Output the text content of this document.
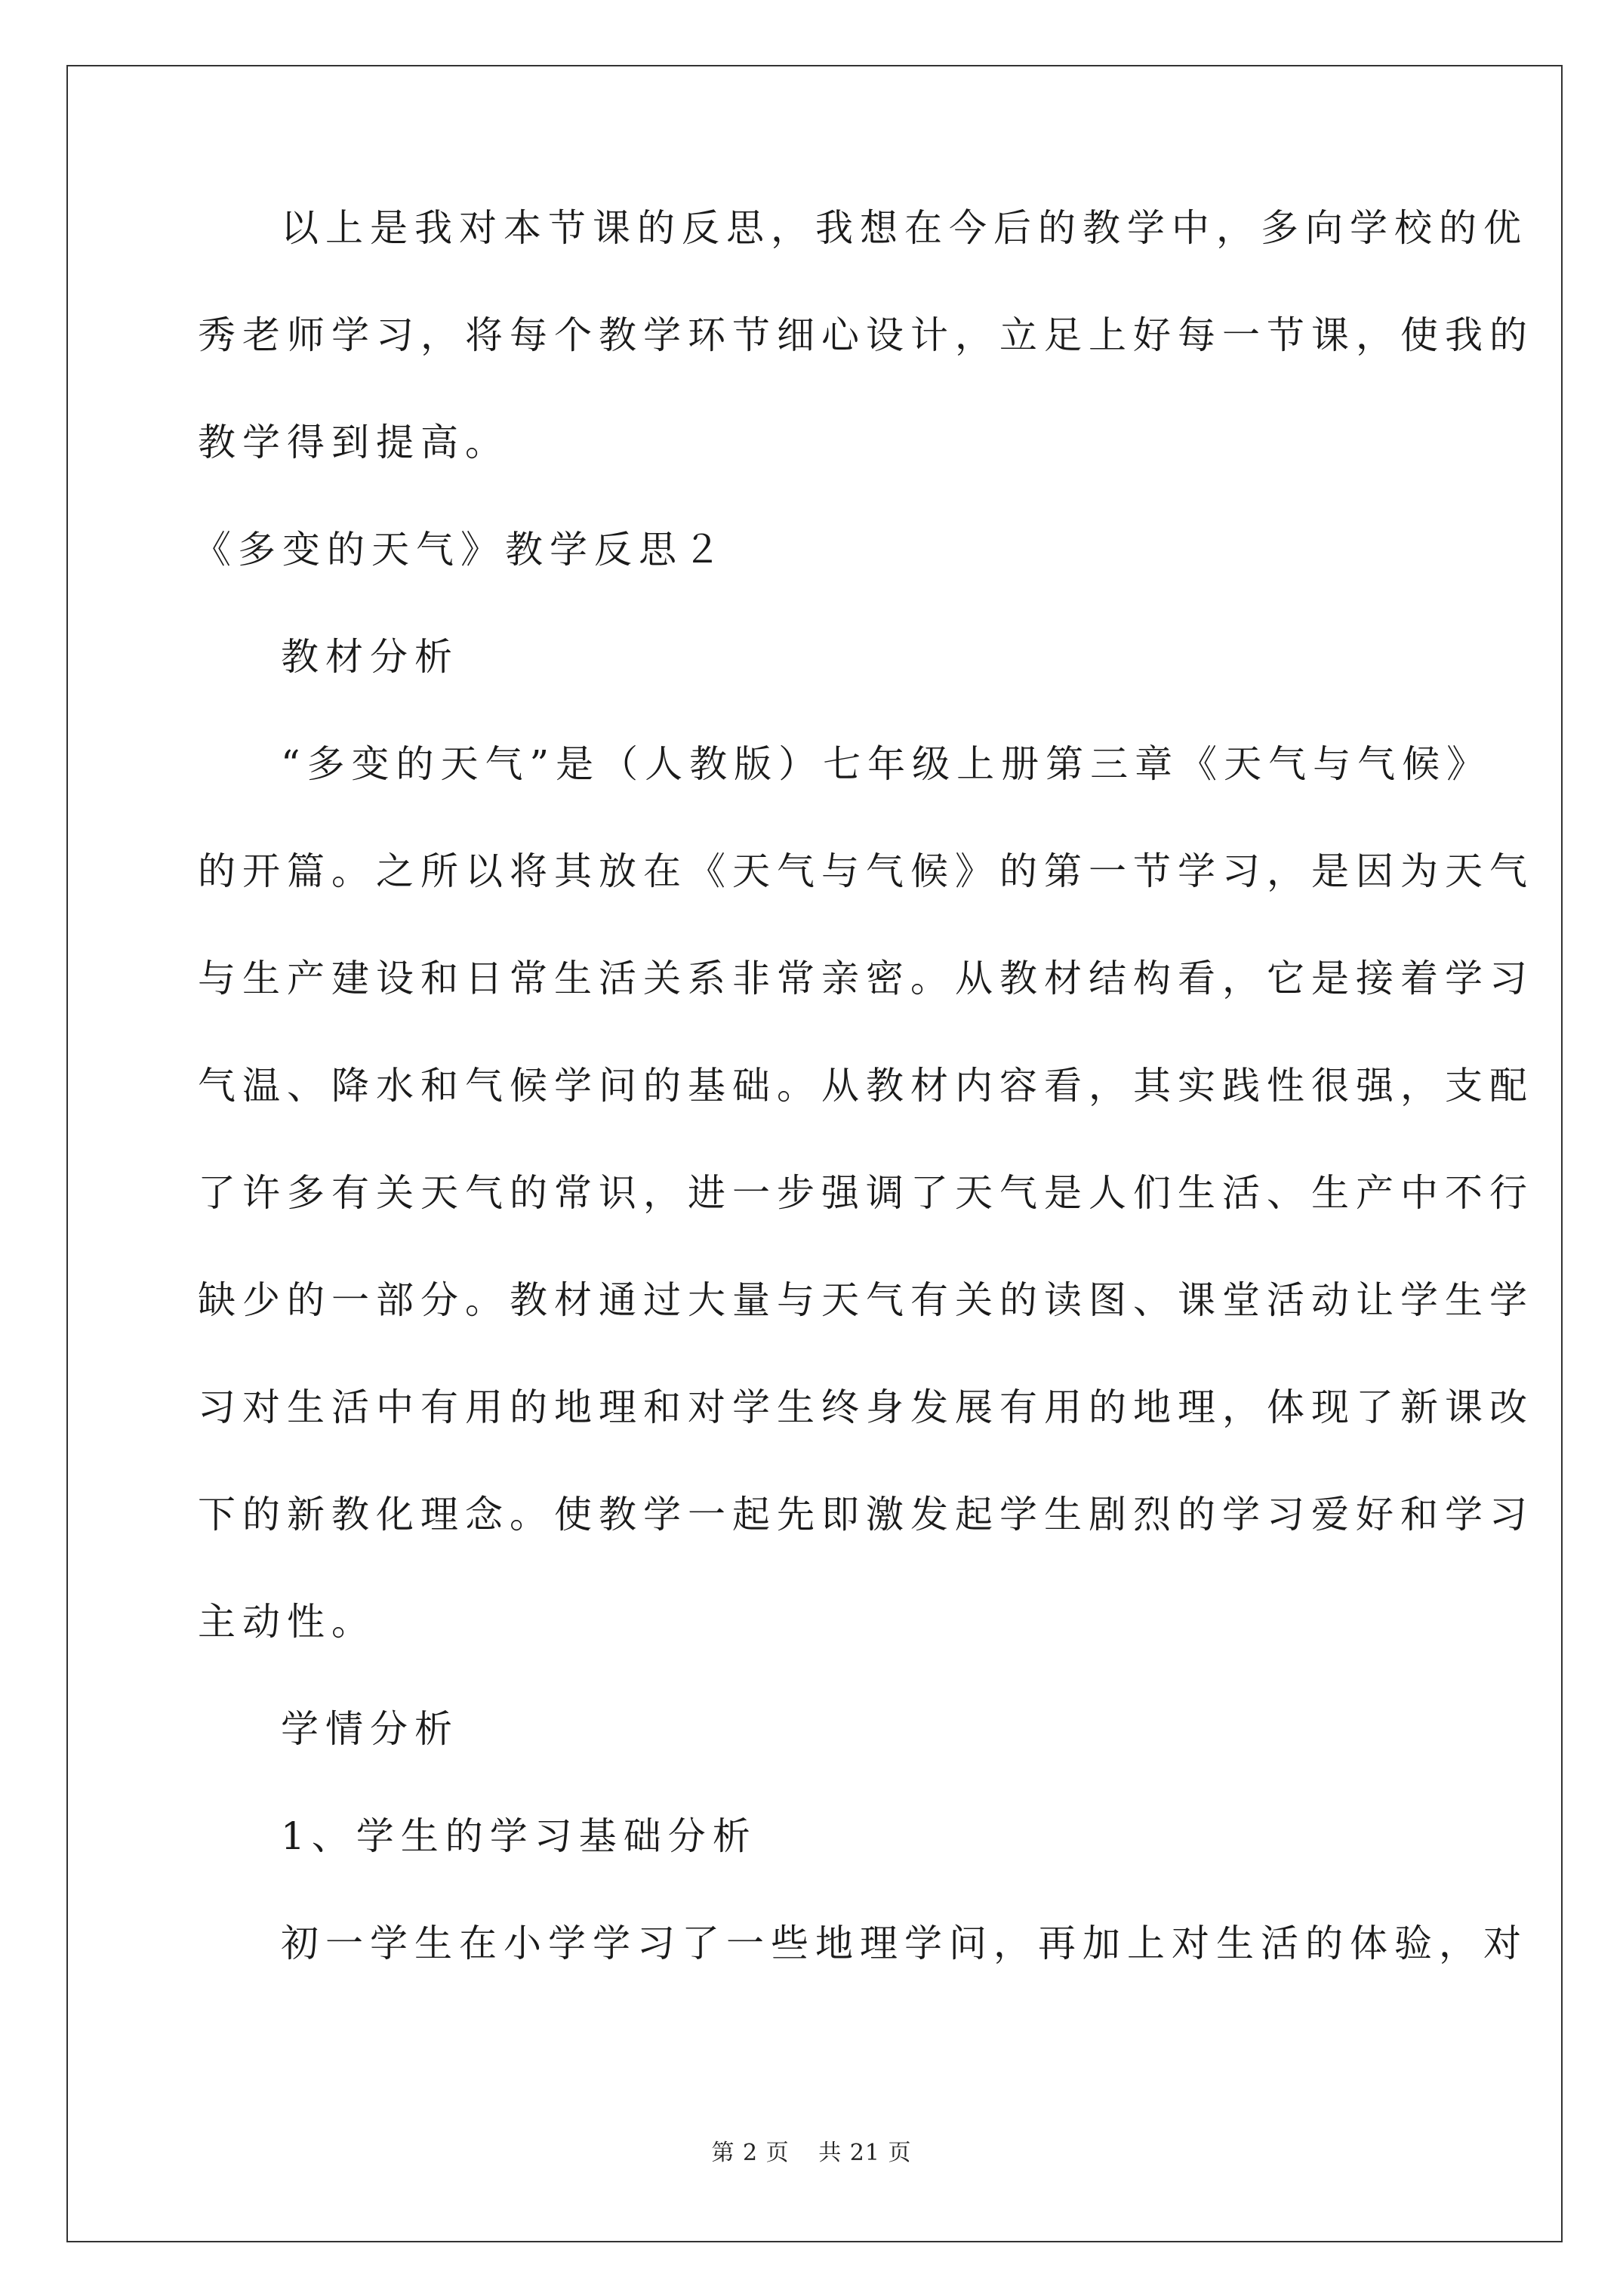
以上是我对本节课的反思，我想在今后的教学中，多向学校的优
秀老师学习，将每个教学环节细心设计，立足上好每一节课，使我的
教学得到提高。
《多变的天气》教学反思２
教材分析
“多变的天气”是（人教版）七年级上册第三章《天气与气候》
的开篇。之所以将其放在《天气与气候》的第一节学习，是因为天气
与生产建设和日常生活关系非常亲密。从教材结构看，它是接着学习
气温、降水和气候学问的基础。从教材内容看，其实践性很强，支配
了许多有关天气的常识，进一步强调了天气是人们生活、生产中不行
缺少的一部分。教材通过大量与天气有关的读图、课堂活动让学生学
习对生活中有用的地理和对学生终身发展有用的地理，体现了新课改
下的新教化理念。使教学一起先即激发起学生剧烈的学习爱好和学习
主动性。
学情分析
1、学生的学习基础分析
初一学生在小学学习了一些地理学问，再加上对生活的体验，对
第 2 页 共 21 页
